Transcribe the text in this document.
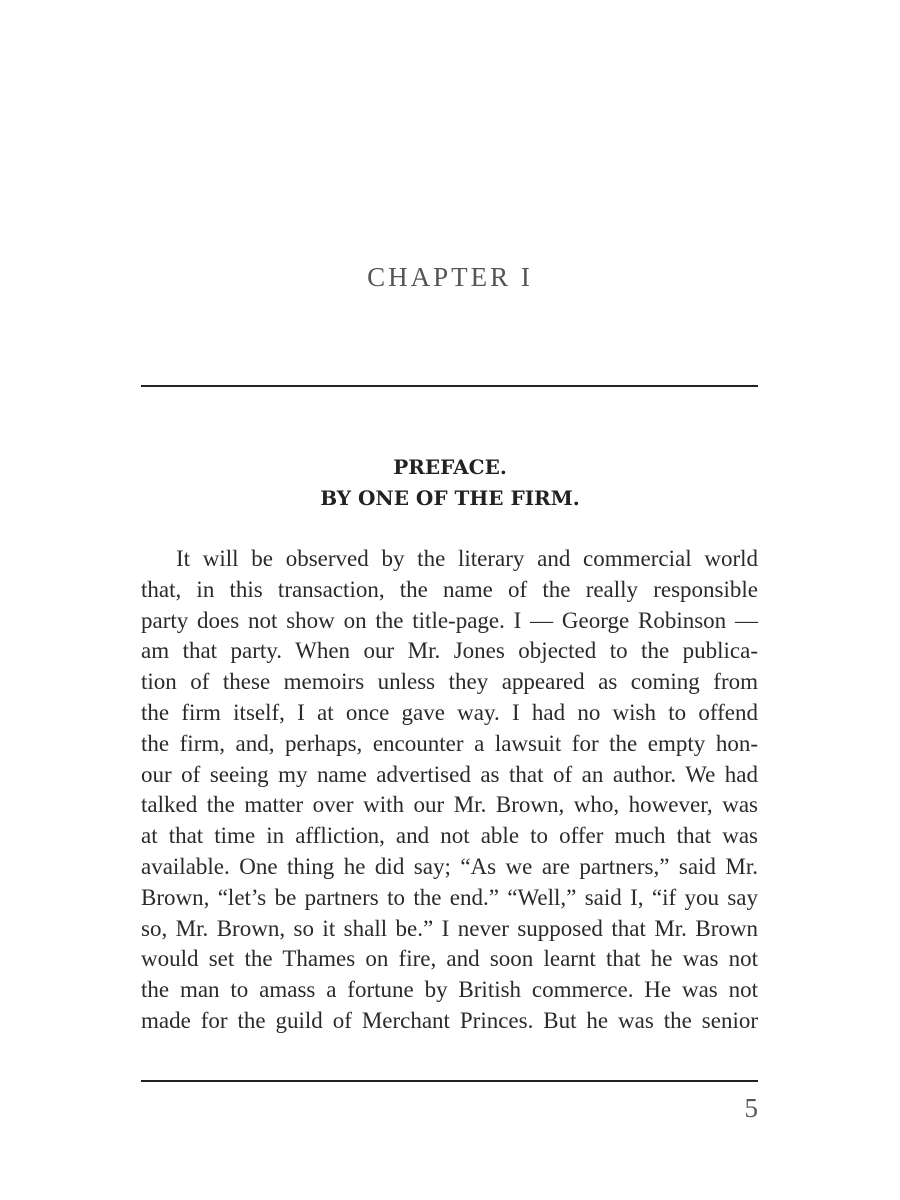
CHAPTER I
PREFACE.
BY ONE OF THE FIRM.
It will be observed by the literary and commercial world
that, in this transaction, the name of the really responsible
party does not show on the title-page. I — George Robinson —
am that party. When our Mr. Jones objected to the publica-
tion of these memoirs unless they appeared as coming from
the firm itself, I at once gave way. I had no wish to offend
the firm, and, perhaps, encounter a lawsuit for the empty hon-
our of seeing my name advertised as that of an author. We had
talked the matter over with our Mr. Brown, who, however, was
at that time in affliction, and not able to offer much that was
available. One thing he did say; “As we are partners,” said Mr.
Brown, “let’s be partners to the end.” “Well,” said I, “if you say
so, Mr. Brown, so it shall be.” I never supposed that Mr. Brown
would set the Thames on fire, and soon learnt that he was not
the man to amass a fortune by British commerce. He was not
made for the guild of Merchant Princes. But he was the senior
5
